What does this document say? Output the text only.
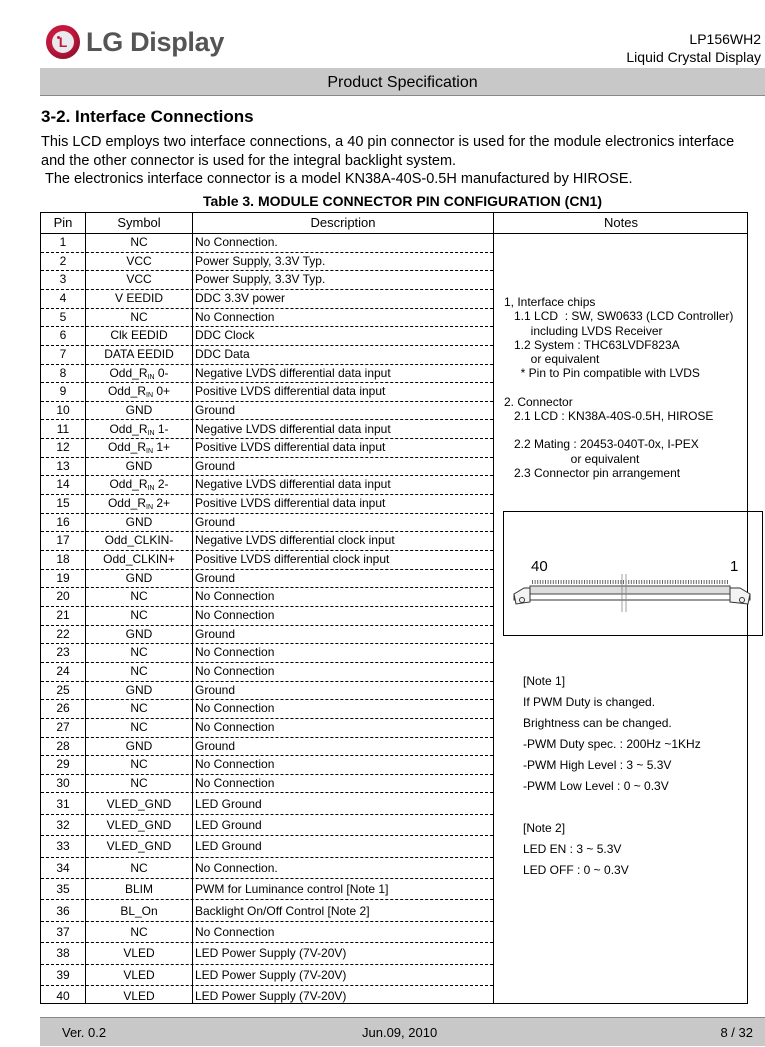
L LG Display	LP156WH2
Liquid Crystal Display
Product Specification
3-2. Interface Connections
This LCD employs two interface connections, a 40 pin connector is used for the module electronics interface
and the other connector is used for the integral backlight system.
The electronics interface connector is a model KN38A-40S-0.5H manufactured by HIROSE.
Table 3. MODULE CONNECTOR PIN CONFIGURATION (CN1)
Pin	Symbol	Description	Notes
1	NC	No Connection.
2	VCC	Power Supply, 3.3V Typ.
3	VCC	Power Supply, 3.3V Typ.
4	V EEDID	DDC 3.3V power
5	NC	No Connection
6	Clk EEDID	DDC Clock
7	DATA EEDID	DDC Data
8	$Odd\_R_{IN}$ 0-	Negative LVDS differential data input
9	$Odd\_R_{IN}$ 0+	Positive LVDS differential data input
10	GND	Ground
11	$Odd\_R_{IN}$ 1-	Negative LVDS differential data input
12	$Odd\_R_{IN}$ 1+	Positive LVDS differential data input
13	GND	Ground
14	$Odd\_R_{IN}$ 2-	Negative LVDS differential data input
15	$Odd\_R_{IN}$ 2+	Positive LVDS differential data input
16	GND	Ground
17	Odd_CLKIN-	Negative LVDS differential clock input
18	Odd_CLKIN+	Positive LVDS differential clock input
19	GND	Ground
20	NC	No Connection
21	NC	No Connection
22	GND	Ground
23	NC	No Connection
24	NC	No Connection
25	GND	Ground
26	NC	No Connection
27	NC	No Connection
28	GND	Ground
29	NC	No Connection
30	NC	No Connection
31	VLED_GND	LED Ground
32	VLED_GND	LED Ground
33	VLED_GND	LED Ground
34	NC	No Connection.
35	BLIM	PWM for Luminance control [Note 1]
36	BL_On	Backlight On/Off Control [Note 2]
37	NC	No Connection
38	VLED	LED Power Supply (7V-20V)
39	VLED	LED Power Supply (7V-20V)
40	VLED	LED Power Supply (7V-20V)
1, Interface chips
1.1 LCD  : SW, SW0633 (LCD Controller)
including LVDS Receiver
1.2 System : THC63LVDF823A
or equivalent
* Pin to Pin compatible with LVDS
2. Connector
2.1 LCD : KN38A-40S-0.5H, HIROSE
2.2 Mating : 20453-040T-0x, I-PEX
or equivalent
2.3 Connector pin arrangement
40	1
[Note 1]
If PWM Duty is changed.
Brightness can be changed.
-PWM Duty spec. : 200Hz ~1KHz
-PWM High Level : 3 ~ 5.3V
-PWM Low Level : 0 ~ 0.3V
[Note 2]
LED EN : 3 ~ 5.3V
LED OFF : 0 ~ 0.3V
Ver. 0.2	Jun.09, 2010	8 / 32
